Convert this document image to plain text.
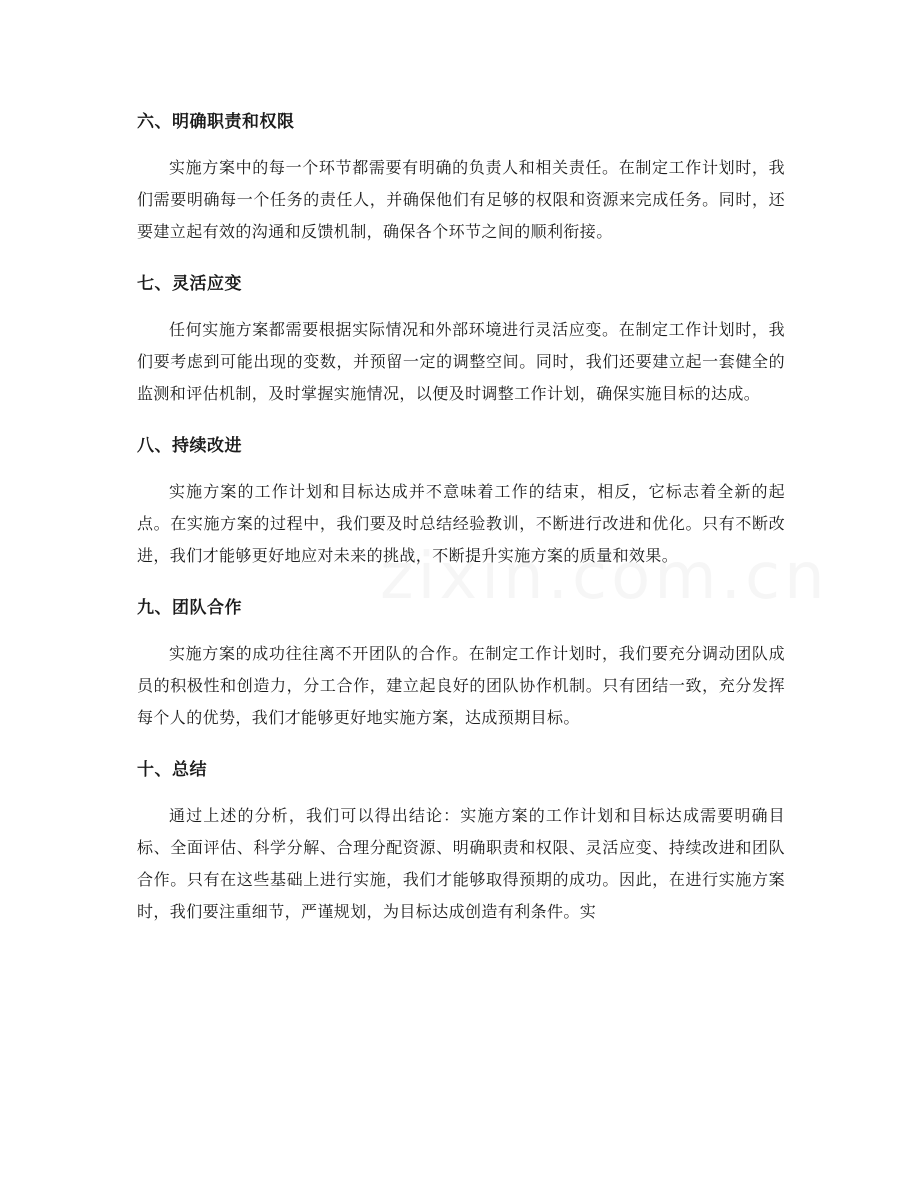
六、明确职责和权限

实施方案中的每一个环节都需要有明确的负责人和相关责任。在制定工作计划时，我们需要明确每一个任务的责任人，并确保他们有足够的权限和资源来完成任务。同时，还要建立起有效的沟通和反馈机制，确保各个环节之间的顺利衔接。

七、灵活应变

任何实施方案都需要根据实际情况和外部环境进行灵活应变。在制定工作计划时，我们要考虑到可能出现的变数，并预留一定的调整空间。同时，我们还要建立起一套健全的监测和评估机制，及时掌握实施情况，以便及时调整工作计划，确保实施目标的达成。

八、持续改进

实施方案的工作计划和目标达成并不意味着工作的结束，相反，它标志着全新的起点。在实施方案的过程中，我们要及时总结经验教训，不断进行改进和优化。只有不断改进，我们才能够更好地应对未来的挑战，不断提升实施方案的质量和效果。

九、团队合作

实施方案的成功往往离不开团队的合作。在制定工作计划时，我们要充分调动团队成员的积极性和创造力，分工合作，建立起良好的团队协作机制。只有团结一致，充分发挥每个人的优势，我们才能够更好地实施方案，达成预期目标。

十、总结

通过上述的分析，我们可以得出结论：实施方案的工作计划和目标达成需要明确目标、全面评估、科学分解、合理分配资源、明确职责和权限、灵活应变、持续改进和团队合作。只有在这些基础上进行实施，我们才能够取得预期的成功。因此，在进行实施方案时，我们要注重细节，严谨规划，为目标达成创造有利条件。实
